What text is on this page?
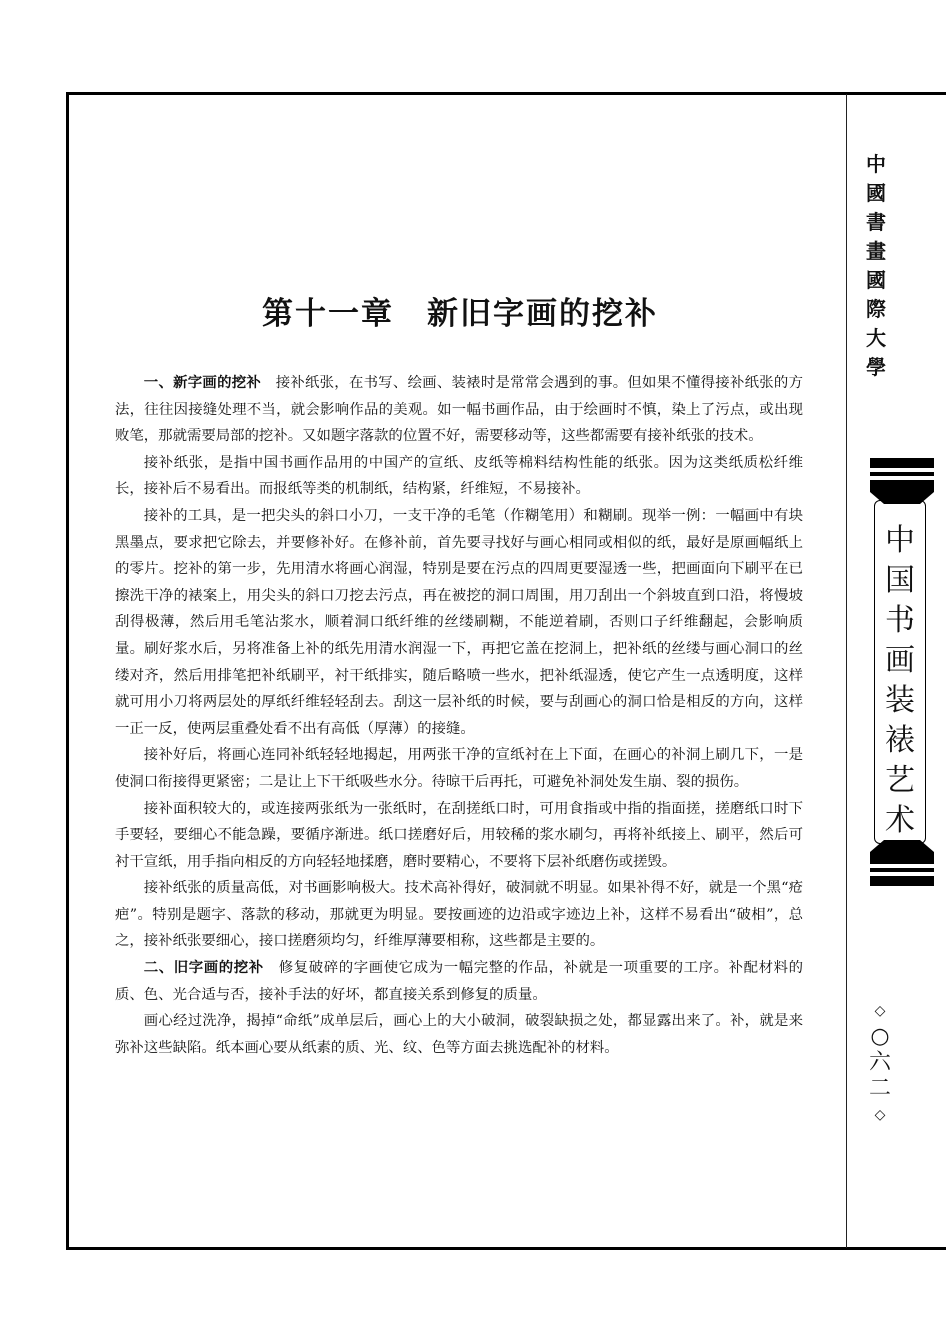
中國書畫國際大學
中国书画装裱艺术
◇
○六二
◇
第十一章　新旧字画的挖补

一、新字画的挖补　 接补纸张，在书写、绘画、装裱时是常常会遇到的事。但如果不懂得接补纸张的方法，往往因接缝处理不当，就会影响作品的美观。如一幅书画作品，由于绘画时不慎，染上了污点，或出现败笔，那就需要局部的挖补。又如题字落款的位置不好，需要移动等，这些都需要有接补纸张的技术。

接补纸张，是指中国书画作品用的中国产的宣纸、皮纸等棉料结构性能的纸张。因为这类纸质松纤维长，接补后不易看出。而报纸等类的机制纸，结构紧，纤维短，不易接补。

接补的工具，是一把尖头的斜口小刀，一支干净的毛笔（作糊笔用）和糊刷。现举一例：一幅画中有块黑墨点，要求把它除去，并要修补好。在修补前，首先要寻找好与画心相同或相似的纸，最好是原画幅纸上的零片。挖补的第一步，先用清水将画心润湿，特别是要在污点的四周更要湿透一些，把画面向下刷平在已擦洗干净的裱案上，用尖头的斜口刀挖去污点，再在被挖的洞口周围，用刀刮出一个斜坡直到口沿，将慢坡刮得极薄，然后用毛笔沾浆水，顺着洞口纸纤维的丝缕刷糊，不能逆着刷，否则口子纤维翻起，会影响质量。刷好浆水后，另将准备上补的纸先用清水润湿一下，再把它盖在挖洞上，把补纸的丝缕与画心洞口的丝缕对齐，然后用排笔把补纸刷平，衬干纸排实，随后略喷一些水，把补纸湿透，使它产生一点透明度，这样就可用小刀将两层处的厚纸纤维轻轻刮去。刮这一层补纸的时候，要与刮画心的洞口恰是相反的方向，这样一正一反，使两层重叠处看不出有高低（厚薄）的接缝。

接补好后，将画心连同补纸轻轻地揭起，用两张干净的宣纸衬在上下面，在画心的补洞上刷几下，一是使洞口衔接得更紧密；二是让上下干纸吸些水分。待晾干后再托，可避免补洞处发生崩、裂的损伤。

接补面积较大的，或连接两张纸为一张纸时，在刮搓纸口时，可用食指或中指的指面搓，搓磨纸口时下手要轻，要细心不能急躁，要循序渐进。纸口搓磨好后，用较稀的浆水刷匀，再将补纸接上、刷平，然后可衬干宣纸，用手指向相反的方向轻轻地揉磨，磨时要精心，不要将下层补纸磨伤或搓毁。

接补纸张的质量高低，对书画影响极大。技术高补得好，破洞就不明显。如果补得不好，就是一个黑“疮疤”。特别是题字、落款的移动，那就更为明显。要按画迹的边沿或字迹边上补，这样不易看出“破相”，总之，接补纸张要细心，接口搓磨须均匀，纤维厚薄要相称，这些都是主要的。

二、旧字画的挖补　 修复破碎的字画使它成为一幅完整的作品，补就是一项重要的工序。补配材料的质、色、光合适与否，接补手法的好坏，都直接关系到修复的质量。

画心经过洗净，揭掉“命纸”成单层后，画心上的大小破洞，破裂缺损之处，都显露出来了。补，就是来弥补这些缺陷。纸本画心要从纸素的质、光、纹、色等方面去挑选配补的材料。
